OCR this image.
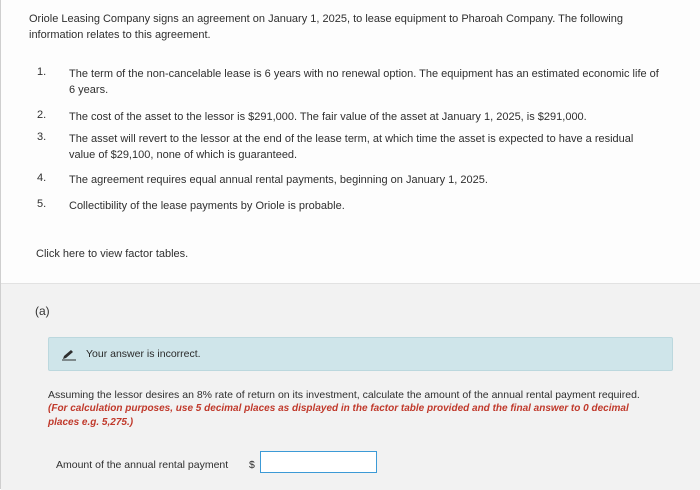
Oriole Leasing Company signs an agreement on January 1, 2025, to lease equipment to Pharoah Company. The following information relates to this agreement.
1. The term of the non-cancelable lease is 6 years with no renewal option. The equipment has an estimated economic life of 6 years.
2. The cost of the asset to the lessor is $291,000. The fair value of the asset at January 1, 2025, is $291,000.
3. The asset will revert to the lessor at the end of the lease term, at which time the asset is expected to have a residual value of $29,100, none of which is guaranteed.
4. The agreement requires equal annual rental payments, beginning on January 1, 2025.
5. Collectibility of the lease payments by Oriole is probable.
Click here to view factor tables.
(a)
Your answer is incorrect.
Assuming the lessor desires an 8% rate of return on its investment, calculate the amount of the annual rental payment required.
(For calculation purposes, use 5 decimal places as displayed in the factor table provided and the final answer to 0 decimal places e.g. 5,275.)
Amount of the annual rental payment $
